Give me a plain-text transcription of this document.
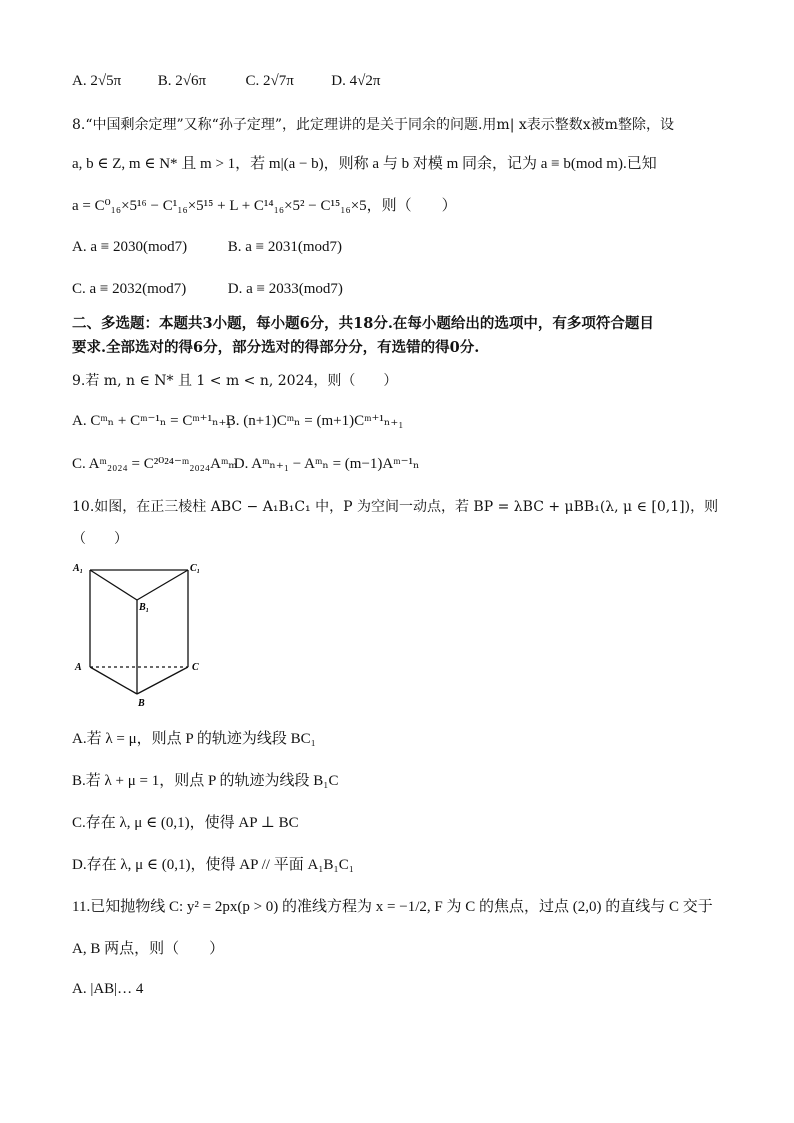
A. 2√5π B. 2√6π	C. 2√7π D. 4√2π
8.“中国剩余定理”又称“孙子定理”，此定理讲的是关于同余的问题.用m| x表示整数x被m整除，设
a, b ∈ Z, m ∈ N* 且 m > 1，若 m|(a − b)，则称 a 与 b 对模 m 同余，记为 a ≡ b(mod m).已知
a = C⁰₁₆×5¹⁶ − C¹₁₆×5¹⁵ + L + C¹⁴₁₆×5² − C¹⁵₁₆×5，则（　　）
A. a ≡ 2030(mod7)	B. a ≡ 2031(mod7)
C. a ≡ 2032(mod7)	D. a ≡ 2033(mod7)
二、多选题：本题共3小题，每小题6分，共18分.在每小题给出的选项中，有多项符合题目
要求.全部选对的得6分，部分选对的得部分分，有选错的得0分.
9.若 m, n ∈ N* 且 1 < m < n, 2024，则（　　）
A. Cᵐₙ + Cᵐ⁻¹ₙ = Cᵐ⁺¹ₙ₊₁ B. (n+1)Cᵐₙ = (m+1)Cᵐ⁺¹ₙ₊₁
C. Aᵐ₂₀₂₄ = C²⁰²⁴⁻ᵐ₂₀₂₄Aᵐₘ D. Aᵐₙ₊₁ − Aᵐₙ = (m−1)Aᵐ⁻¹ₙ
10.如图，在正三棱柱 ABC − A₁B₁C₁ 中，P 为空间一动点，若 BP = λBC + μBB₁(λ, μ ∈ [0,1])，则
（　　）
A₁	C₁
B₁
A	C
B
A.若 λ = μ，则点 P 的轨迹为线段 BC₁
B.若 λ + μ = 1，则点 P 的轨迹为线段 B₁C
C.存在 λ, μ ∈ (0,1)，使得 AP ⊥ BC
D.存在 λ, μ ∈ (0,1)，使得 AP // 平面 A₁B₁C₁
11.已知抛物线 C: y² = 2px(p > 0) 的准线方程为 x = −1/2, F 为 C 的焦点，过点 (2,0) 的直线与 C 交于
A, B 两点，则（　　）
A. |AB|… 4
